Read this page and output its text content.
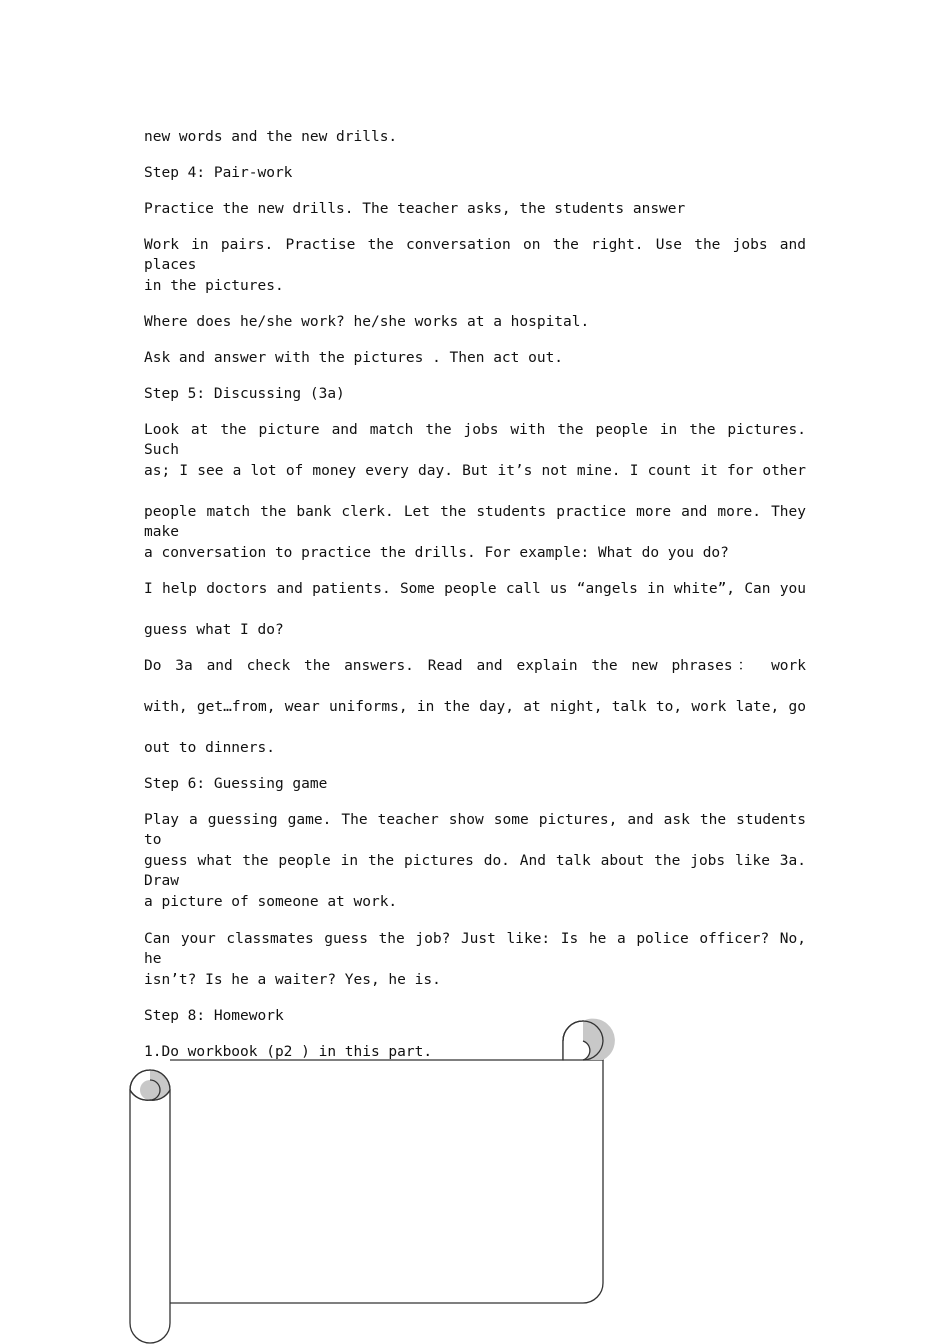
new words and the new drills.
Step 4: Pair-work
Practice the new drills. The teacher asks, the students answer
Work in pairs. Practise the conversation on the right. Use the jobs and places
in the pictures.
Where does he/she work? he/she works at a hospital.
Ask and answer with the pictures . Then act out.
Step 5: Discussing (3a)
Look at the picture and match the jobs with the people in the pictures. Such
as; I see a lot of money every day. But it’s not mine. I count it for other
people match the bank clerk. Let the students practice more and more. They make
a conversation to practice the drills. For example: What do you do?
I help doctors and patients. Some people call us “angels in white”, Can you
guess what I do?
Do 3a and check the answers. Read and explain the new phrases： work
with, get…from, wear uniforms, in the day, at night, talk to, work late, go
out to dinners.
Step 6: Guessing game
Play a guessing game. The teacher show some pictures, and ask the students to
guess what the people in the pictures do. And talk about the jobs like 3a. Draw
a picture of someone at work.
Can your classmates guess the job? Just like: Is he a police officer? No, he
isn’t? Is he a waiter? Yes, he is.
Step 8: Homework
1.Do workbook (p2 ) in this part.
